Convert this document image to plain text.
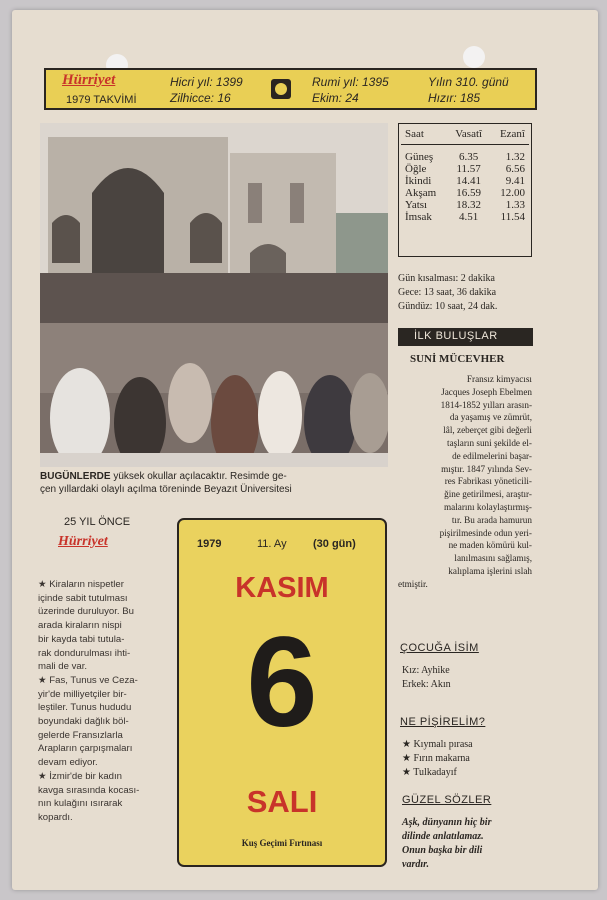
Hürriyet
1979 TAKVİMİ
Hicri yıl: 1399
Zilhicce: 16
Rumi yıl: 1395
Ekim: 24
Yılın 310. günü
Hızır: 185
BUGÜNLERDE yüksek okullar açılacaktır. Resimde ge-
çen yıllardaki olaylı açılma töreninde Beyazıt Üniversitesi
Saat	Vasatî	Ezanî

Güneş	6.35	1.32
Öğle	11.57	6.56
İkindi	14.41	9.41
Akşam	16.59	12.00
Yatsı	18.32	1.33
İmsak	4.51	11.54
Gün kısalması: 2 dakika
Gece: 13 saat, 36 dakika
Gündüz: 10 saat, 24 dak.
İLK BULUŞLAR
SUNİ MÜCEVHER
Fransız kimyacısı
Jacques Joseph Ebelmen
1814-1852 yılları arasın-
da yaşamış ve zümrüt,
lâl, zeberçet gibi değerli
taşların suni şekilde el-
de edilmelerini başar-
mıştır. 1847 yılında Sev-
res Fabrikası yöneticili-
ğine getirilmesi, araştır-
malarını kolaylaştırmış-
tır. Bu arada hamurun
pişirilmesinde odun yeri-
ne maden kömürü kul-
lanılmasını sağlamış,
kalıplama işlerini ıslah
etmiştir.
ÇOCUĞA İSİM
Kız: Ayhike
Erkek: Akın
NE PİŞİRELİM?
★ Kıymalı pırasa
★ Fırın makarna
★ Tulkadayıf
GÜZEL SÖZLER
Aşk, dünyanın hiç bir
dilinde anlatılamaz.
Onun başka bir dili
vardır.
25 YIL ÖNCE
Hürriyet
★ Kiraların nispetler
içinde sabit tutulması
üzerinde duruluyor. Bu
arada kiraların nispi
bir kayda tabi tutula-
rak dondurulması ihti-
mali de var.
★ Fas, Tunus ve Ceza-
yir'de milliyetçiler bir-
leştiler. Tunus hududu
boyundaki dağlık böl-
gelerde Fransızlarla
Arapların çarpışmaları
devam ediyor.
★ İzmir'de bir kadın
kavga sırasında kocası-
nın kulağını ısırarak
kopardı.
1979	11. Ay (30 gün)
KASIM
6
SALI
Kuş Geçimi Fırtınası
